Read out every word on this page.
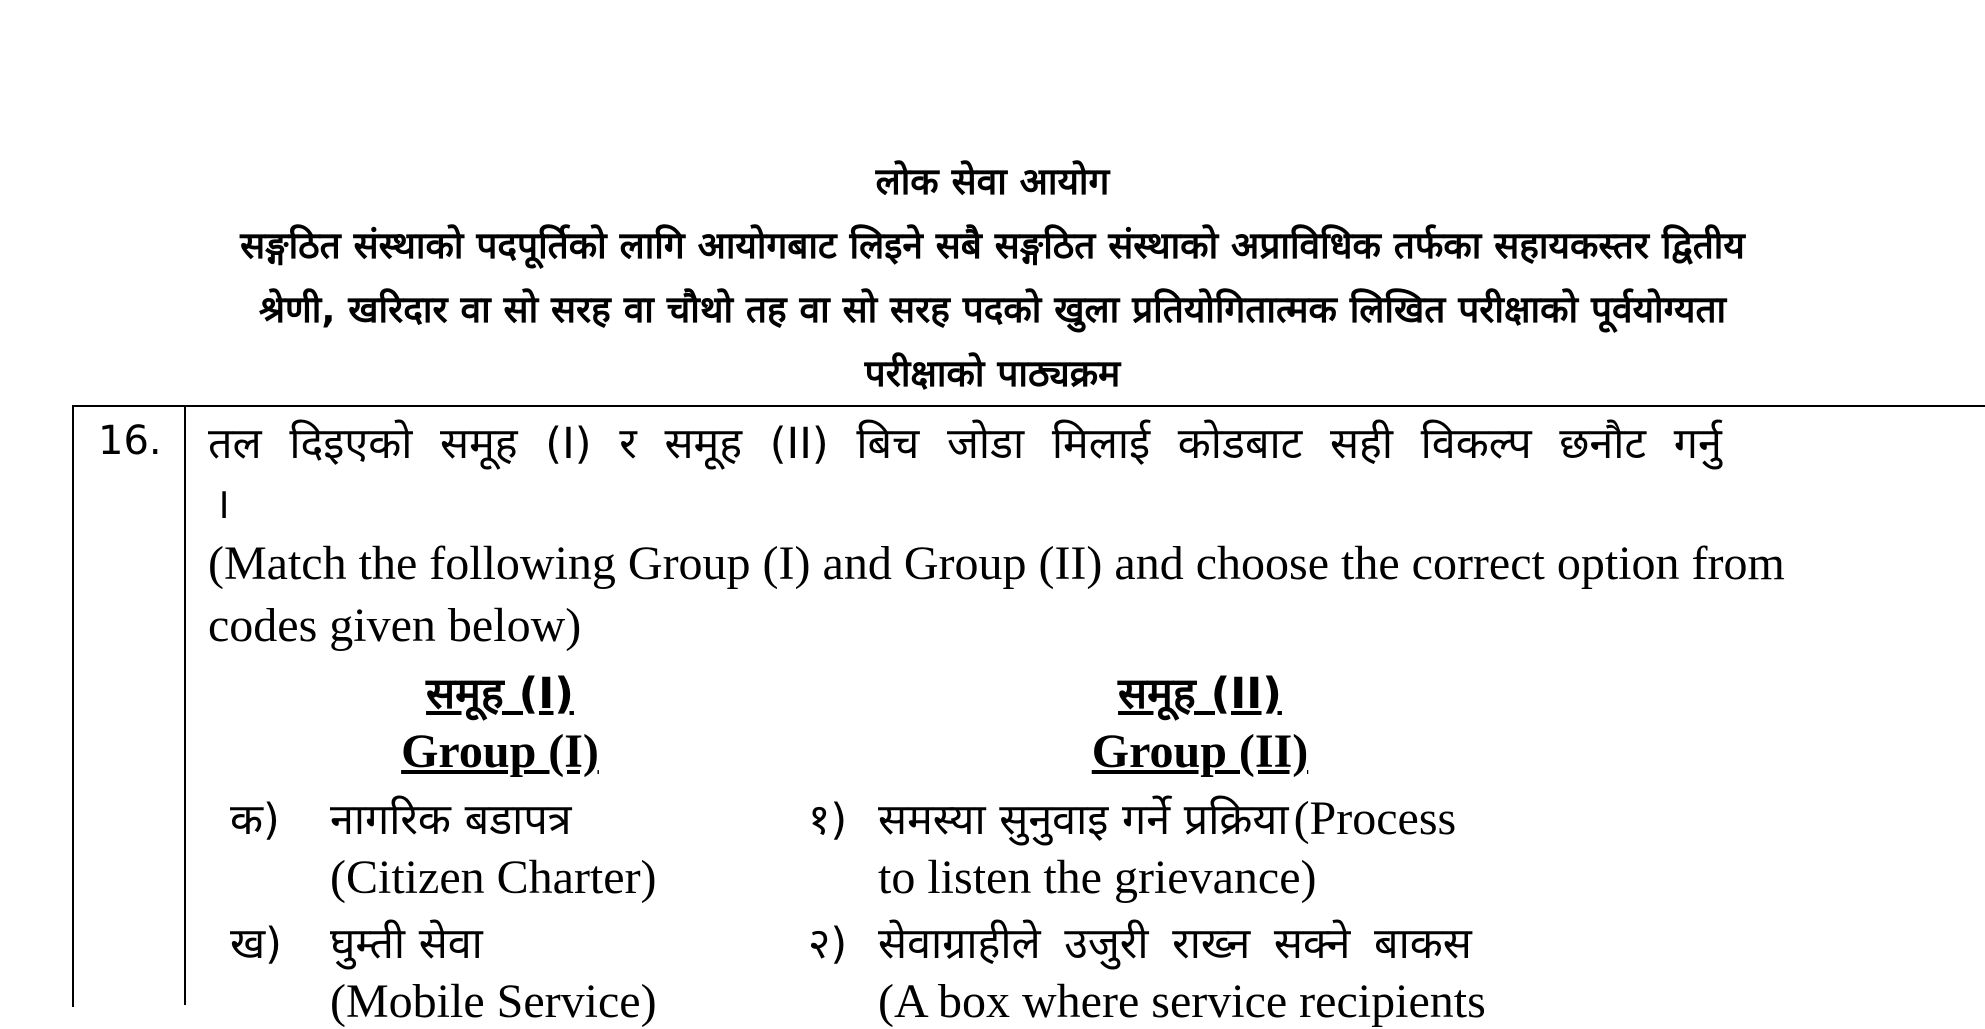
लोक सेवा आयोग
सङ्गठित संस्थाको पदपूर्तिको लागि आयोगबाट लिइने सबै सङ्गठित संस्थाको अप्राविधिक तर्फका सहायकस्तर द्वितीय
श्रेणी, खरिदार वा सो सरह वा चौथो तह वा सो सरह पदको खुला प्रतियोगितात्मक लिखित परीक्षाको पूर्वयोग्यता
परीक्षाको पाठ्यक्रम
16. तल दिइएको समूह (I) र समूह (II) बिच जोडा मिलाई कोडबाट सही विकल्प छनौट गर्नु
।
(Match the following Group (I) and Group (II) and choose the correct option from
codes given below)
समूह (I)
Group (I)
समूह (II)
Group (II)
क) नागरिक बडापत्र
(Citizen Charter)
ख) घुम्ती सेवा
(Mobile Service)
१) समस्या सुनुवाइ गर्ने प्रक्रिया (Process
to listen the grievance)
२) सेवाग्राहीले उजुरी राख्न सक्ने बाकस
(A box where service recipients
